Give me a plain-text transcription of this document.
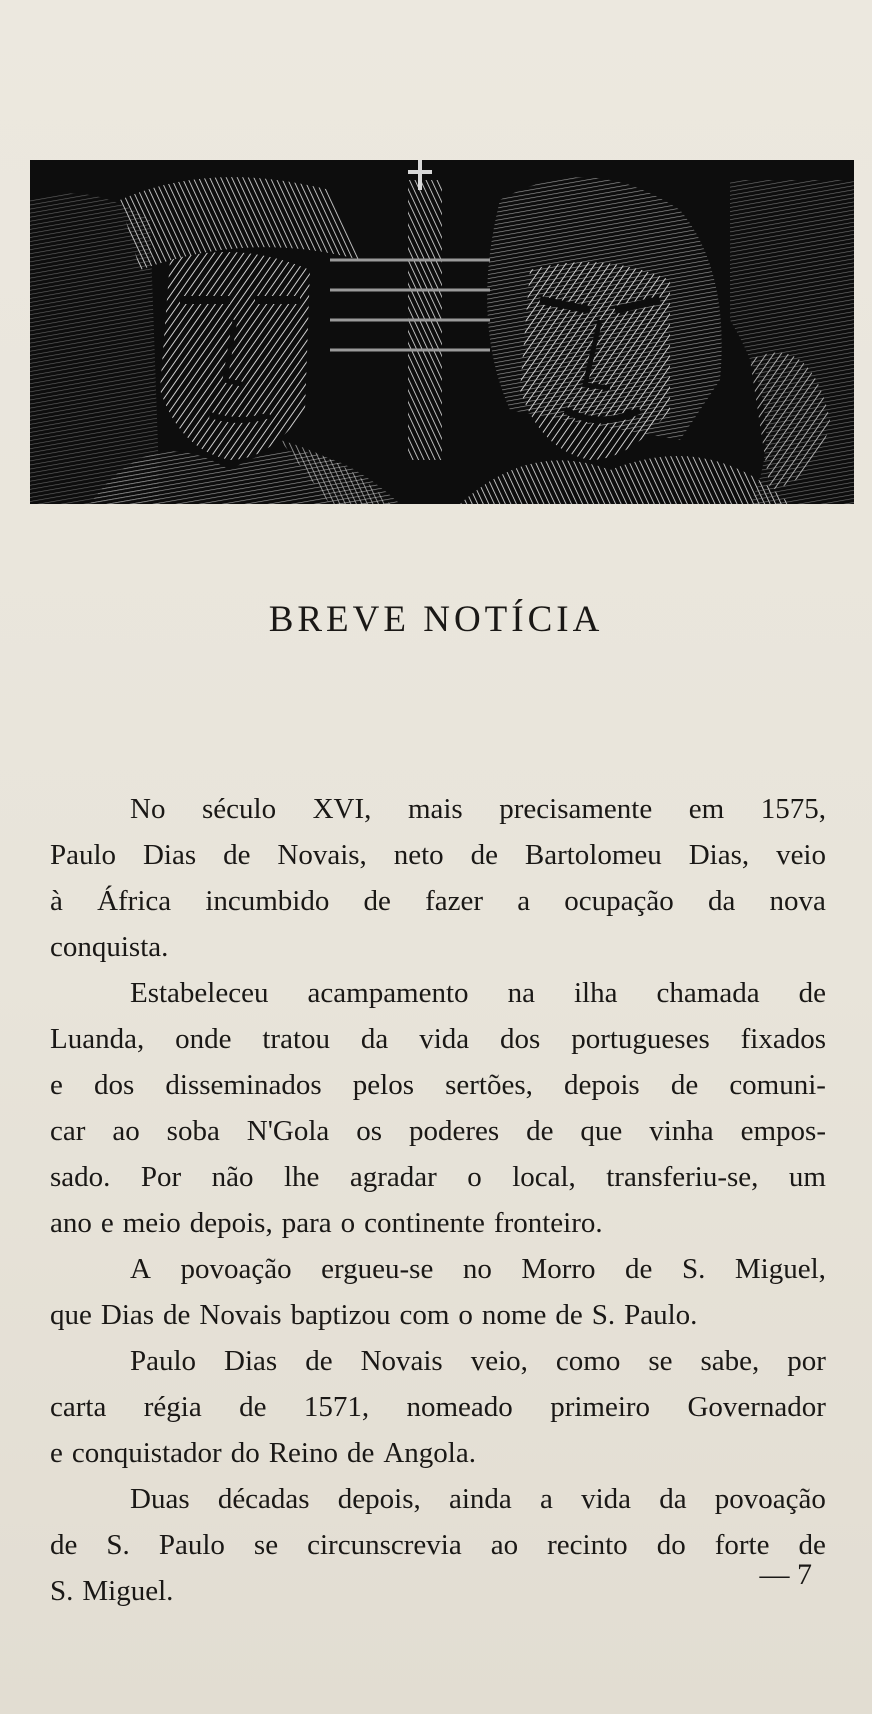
BREVE NOTÍCIA
No século XVI, mais precisamente em 1575,
Paulo Dias de Novais, neto de Bartolomeu Dias, veio
à África incumbido de fazer a ocupação da nova
conquista.
Estabeleceu acampamento na ilha chamada de
Luanda, onde tratou da vida dos portugueses fixados
e dos disseminados pelos sertões, depois de comuni-
car ao soba N'Gola os poderes de que vinha empos-
sado. Por não lhe agradar o local, transferiu-se, um
ano e meio depois, para o continente fronteiro.
A povoação ergueu-se no Morro de S. Miguel,
que Dias de Novais baptizou com o nome de S. Paulo.
Paulo Dias de Novais veio, como se sabe, por
carta régia de 1571, nomeado primeiro Governador
e conquistador do Reino de Angola.
Duas décadas depois, ainda a vida da povoação
de S. Paulo se circunscrevia ao recinto do forte de
S. Miguel.	— 7
